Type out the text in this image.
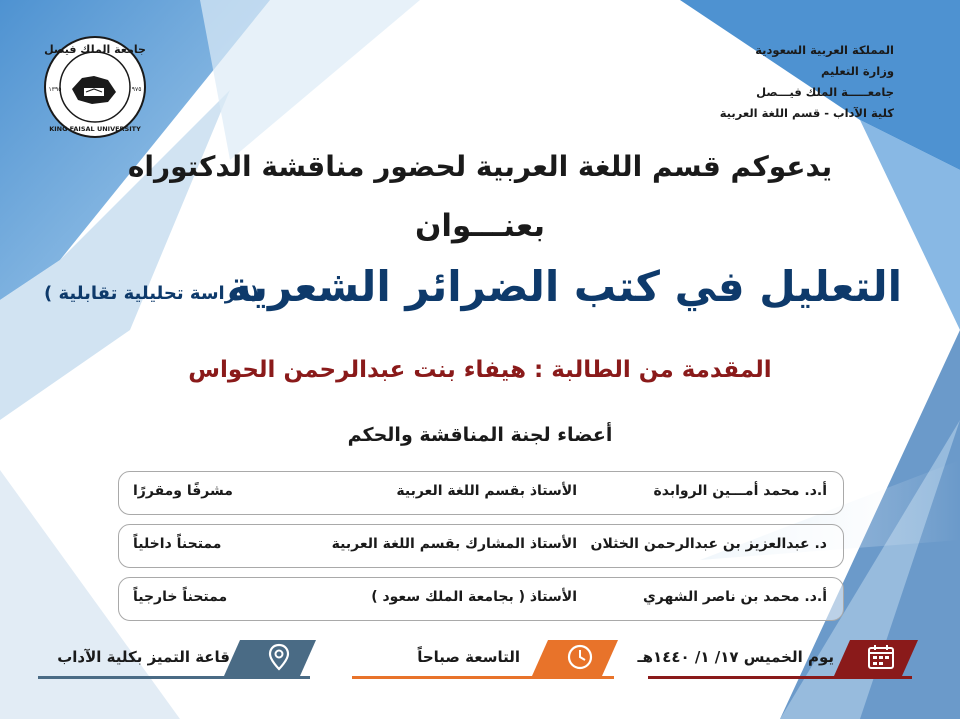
المملكة العربية السعودية
وزارة التعليم
جامعـــــة الملك فيـــصل
كلية الآداب - قسم اللغة العربية
جامعة الملك فيصل
KING FAISAL UNIVERSITY
١٣٩٥	١٩٧٥
يدعوكم قسم اللغة العربية لحضور مناقشة الدكتوراه
بعنـــوان
التعليل في كتب الضرائر الشعرية
( دراسة تحليلية تقابلية )
المقدمة من الطالبة : هيفاء بنت عبدالرحمن الحواس
أعضاء لجنة المناقشة والحكم
أ.د. محمد أمـــين الروابدة
الأستاذ بقسم اللغة العربية
مشرفًا ومقررًا
د. عبدالعزيز بن عبدالرحمن الخثلان
الأستاذ المشارك بقسم اللغة العربية
ممتحناً داخلياً
أ.د. محمد بن ناصر الشهري
الأستاذ ( بجامعة الملك سعود )
ممتحناً خارجياً
يوم الخميس ١٧/ ١/ ١٤٤٠هـ
التاسعة صباحاً
قاعة التميز بكلية الآداب
